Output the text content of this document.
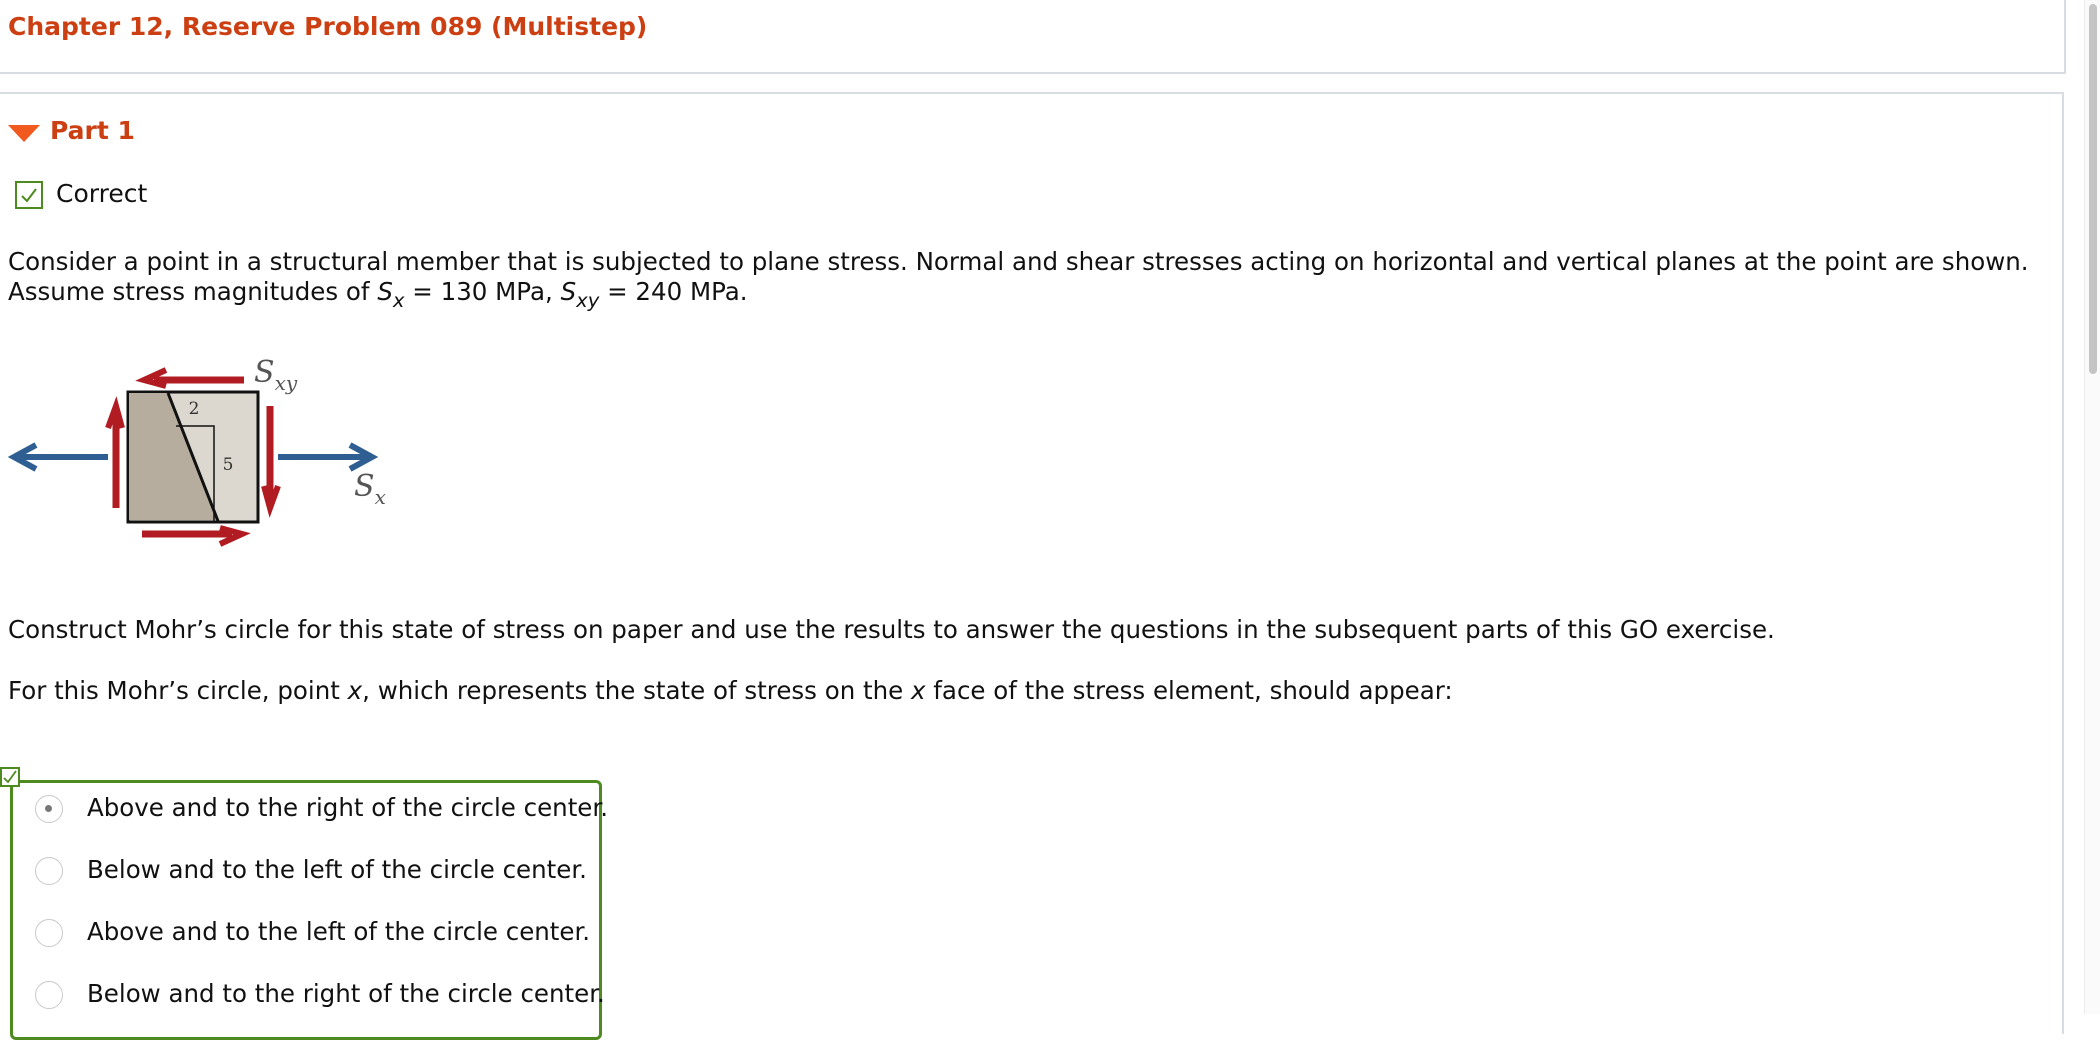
Chapter 12, Reserve Problem 089 (Multistep)
Part 1
Correct

Consider a point in a structural member that is subjected to plane stress. Normal and shear stresses acting on horizontal and vertical planes at the point are shown.

Assume stress magnitudes of $S_x = 130$ MPa, $S_{xy} = 240$ MPa.

2
5
$S_{xy}$
$S_x$

Construct Mohr’s circle for this state of stress on paper and use the results to answer the questions in the subsequent parts of this GO exercise.

For this Mohr’s circle, point x, which represents the state of stress on the x face of the stress element, should appear:

Above and to the right of the circle center.
Below and to the left of the circle center.
Above and to the left of the circle center.
Below and to the right of the circle center.
